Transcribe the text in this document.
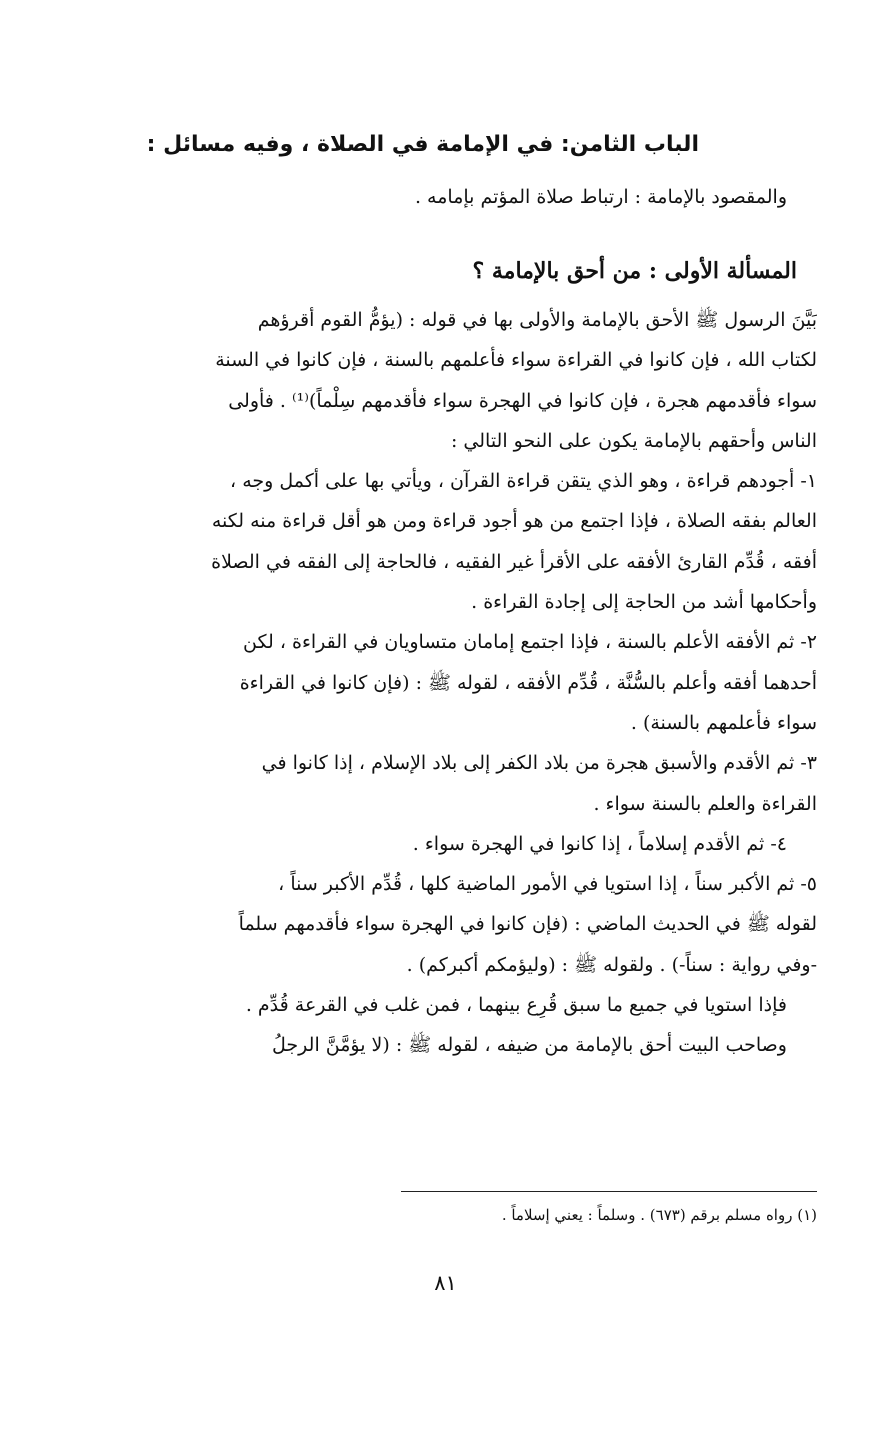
الباب الثامن: في الإمامة في الصلاة ، وفيه مسائل :
والمقصود بالإمامة : ارتباط صلاة المؤتم بإمامه .
المسألة الأولى : من أحق بالإمامة ؟
بَيَّنَ الرسول ﷺ الأحق بالإمامة والأولى بها في قوله : (يؤمُّ القوم أقرؤهم
لكتاب الله ، فإن كانوا في القراءة سواء فأعلمهم بالسنة ، فإن كانوا في السنة
سواء فأقدمهم هجرة ، فإن كانوا في الهجرة سواء فأقدمهم سِلْماً)⁽¹⁾ . فأولى
الناس وأحقهم بالإمامة يكون على النحو التالي :
١- أجودهم قراءة ، وهو الذي يتقن قراءة القرآن ، ويأتي بها على أكمل وجه ،
العالم بفقه الصلاة ، فإذا اجتمع من هو أجود قراءة ومن هو أقل قراءة منه لكنه
أفقه ، قُدِّم القارئ الأفقه على الأقرأ غير الفقيه ، فالحاجة إلى الفقه في الصلاة
وأحكامها أشد من الحاجة إلى إجادة القراءة .
٢- ثم الأفقه الأعلم بالسنة ، فإذا اجتمع إمامان متساويان في القراءة ، لكن
أحدهما أفقه وأعلم بالسُّنَّة ، قُدِّم الأفقه ، لقوله ﷺ : (فإن كانوا في القراءة
سواء فأعلمهم بالسنة) .
٣- ثم الأقدم والأسبق هجرة من بلاد الكفر إلى بلاد الإسلام ، إذا كانوا في
القراءة والعلم بالسنة سواء .
٤- ثم الأقدم إسلاماً ، إذا كانوا في الهجرة سواء .
٥- ثم الأكبر سناً ، إذا استويا في الأمور الماضية كلها ، قُدِّم الأكبر سناً ،
لقوله ﷺ في الحديث الماضي : (فإن كانوا في الهجرة سواء فأقدمهم سلماً
-وفي رواية : سناً-) . ولقوله ﷺ : (وليؤمكم أكبركم) .
فإذا استويا في جميع ما سبق قُرِع بينهما ، فمن غلب في القرعة قُدِّم .
وصاحب البيت أحق بالإمامة من ضيفه ، لقوله ﷺ : (لا يؤمَّنَّ الرجلُ
(١) رواه مسلم برقم (٦٧٣) . وسلماً : يعني إسلاماً .
٨١
